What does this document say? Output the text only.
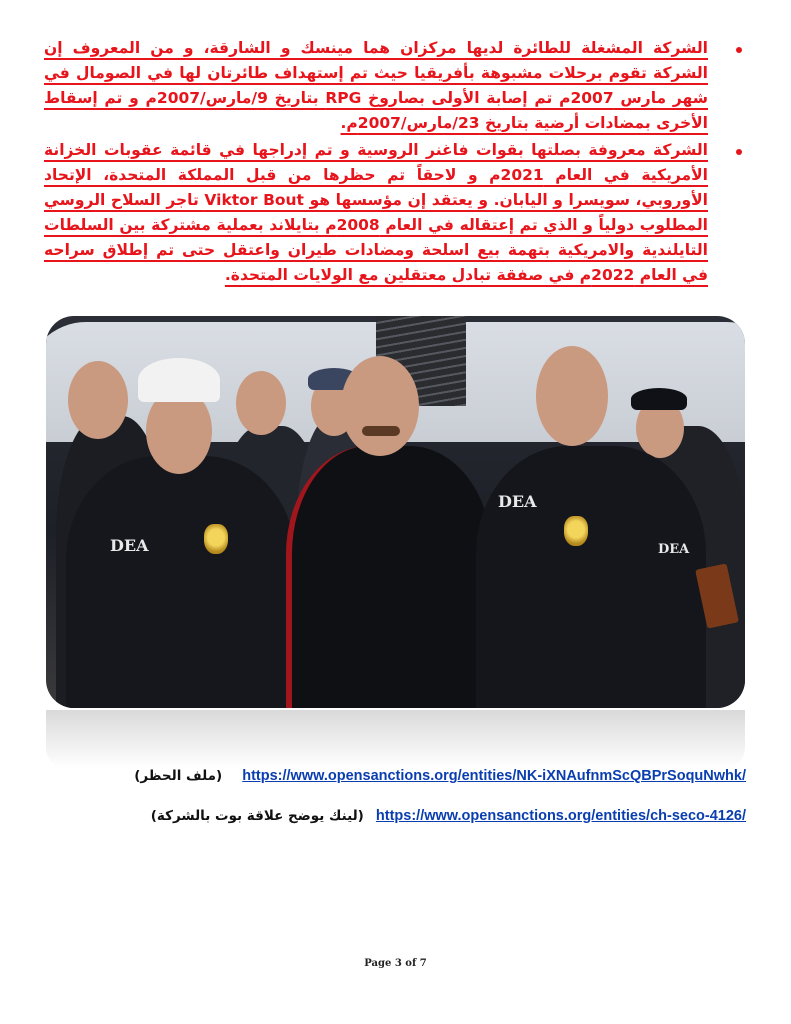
الشركة المشغلة للطائرة لديها مركزان هما مينسك و الشارقة، و من المعروف إن الشركة تقوم برحلات مشبوهة بأفريقيا حيث تم إستهداف طائرتان لها في الصومال في شهر مارس 2007م تم إصابة الأولى بصاروخ RPG بتاريخ 9/مارس/2007م و تم إسقاط الأخرى بمضادات أرضية بتاريخ 23/مارس/2007م.
الشركة معروفة بصلتها بقوات فاغنر الروسية و تم إدراجها في قائمة عقوبات الخزانة الأمريكية في العام 2021م و لاحقاً تم حظرها من قبل المملكة المتحدة، الإتحاد الأوروبي، سويسرا و اليابان. و يعتقد إن مؤسسها هو Viktor Bout تاجر السلاح الروسي المطلوب دولياً و الذي تم إعتقاله في العام 2008م بتايلاند بعملية مشتركة بين السلطات التايلندية والامريكية بتهمة بيع اسلحة ومضادات طيران واعتقل حتى تم إطلاق سراحه في العام 2022م في صفقة تبادل معتقلين مع الولايات المتحدة.
DEA
DEA
DEA
https://www.opensanctions.org/entities/NK-iXNAufnmScQBPrSoquNwhk/  (ملف الحظر)
https://www.opensanctions.org/entities/ch-seco-4126/  (لينك يوضح علاقة بوت بالشركة)
Page 3 of 7
